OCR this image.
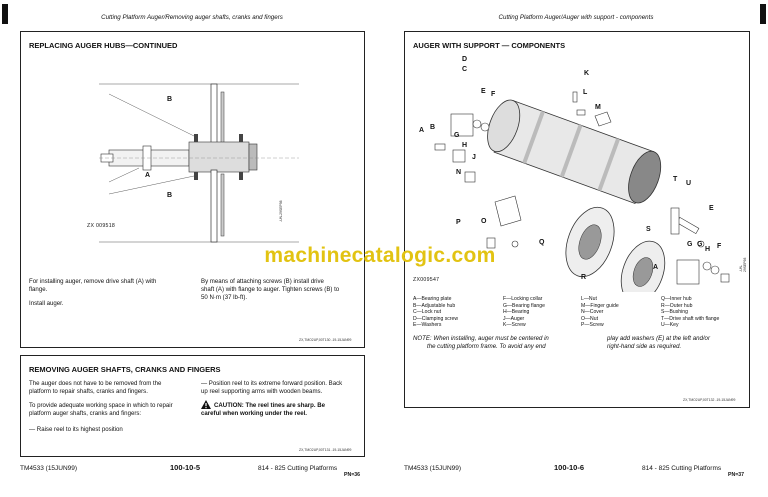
Cutting Platform Auger/Removing auger shafts, cranks and fingers
REPLACING AUGER HUBS—CONTINUED
B
A
B
ZX 009518
-UN-29SEP98
For installing auger, remove drive shaft (A) with
flange.
Install auger.
By means of attaching screws (B) install drive
shaft (A) with flange to auger. Tighten screws (B) to
50 N·m (37 lb-ft).
ZX,TMO2UP,00T130 -19-15JAN99
REMOVING AUGER SHAFTS, CRANKS AND FINGERS
The auger does not have to be removed from the
platform to repair shafts, cranks and fingers.
To provide adequate working space in which to repair
platform auger shafts, cranks and fingers:
— Raise reel to its highest position
— Position reel to its extreme forward position. Back
up reel supporting arms with wooden beams.
CAUTION: The reel tines are sharp. Be
careful when working under the reel.
ZX,TMO2UP,00T131 -19-15JAN99
TM4533 (15JUN99)	100-10-5	814 - 825 Cutting Platforms
PN=36
Cutting Platform Auger/Auger with support - components
AUGER WITH SUPPORT — COMPONENTS
D
C
E F
A B
G
H
J
N
P	O
Q
R
K
L
M
T
U
E
S
G G
H F
A
ZX009547
-UN-29SEP98
A—Bearing plate
B—Adjustable hub
C—Lock nut
D—Clamping screw
E—Washers
F—Locking collar
G—Bearing flange
H—Bearing
J—Auger
K—Screw
L—Nut
M—Finger guide
N—Cover
O—Nut
P—Screw
Q—Inner hub
R—Outer hub
S—Bushing
T—Drive shaft with flange
U—Key
NOTE: When installing, auger must be centered in
the cutting platform frame. To avoid any end
play add washers (E) at the left and/or
right-hand side as required.
ZX,TMO2UP,00T132 -19-15JAN99
TM4533 (15JUN99)	100-10-6	814 - 825 Cutting Platforms
PN=37
machinecatalogic.com
